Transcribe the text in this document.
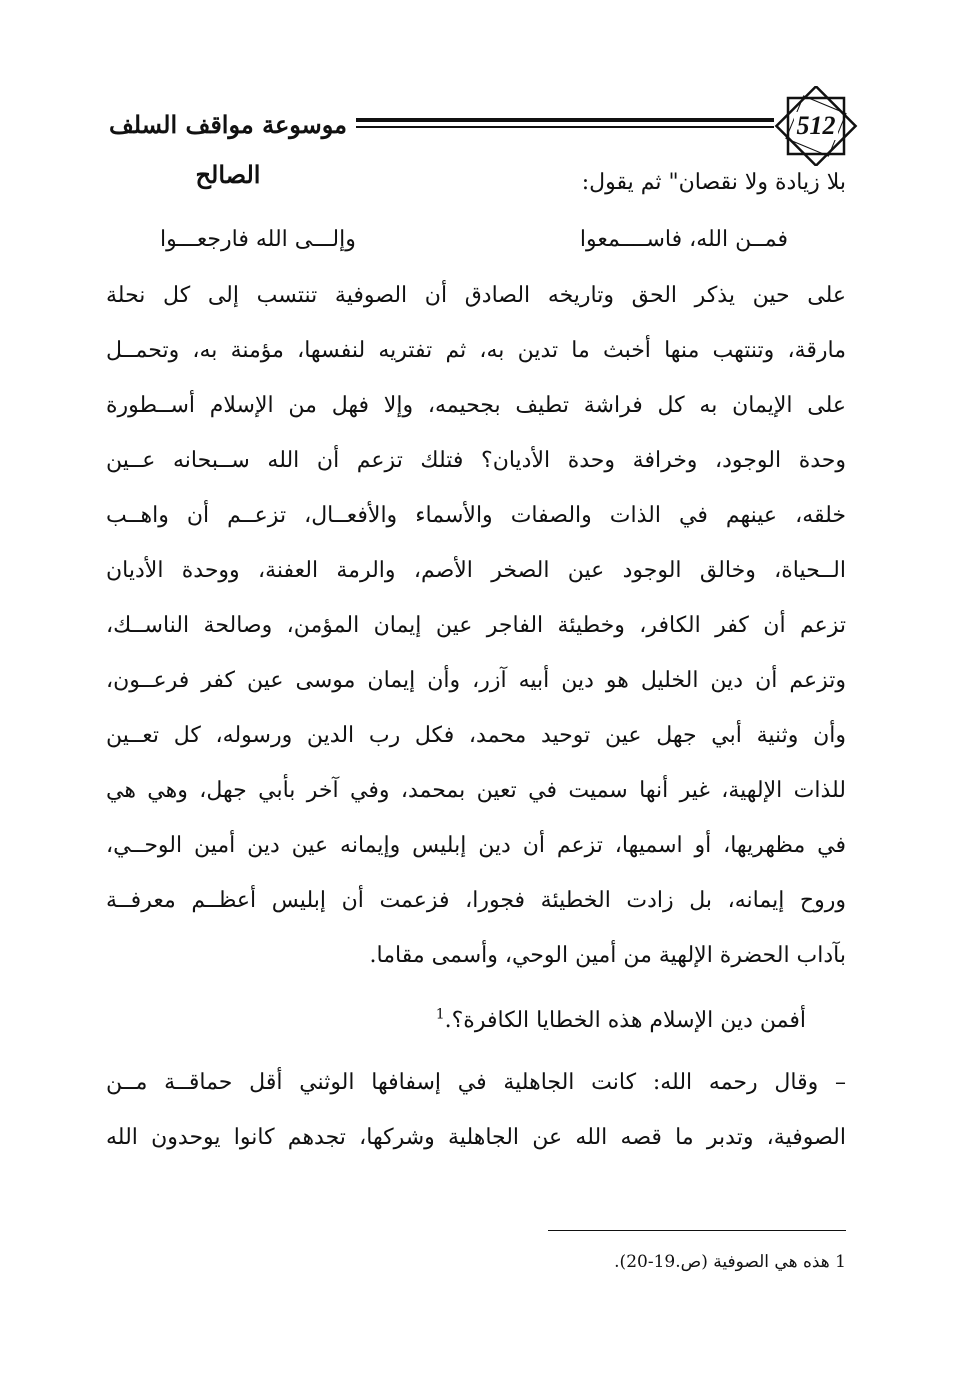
512
موسوعة مواقف السلف الصالح	بلا زيادة ولا نقصان" ثم يقول:
فمــن الله، فاســــمعوا
وإلـــى الله فارجعـــوا
على حين يذكر الحق وتاريخه الصادق أن الصوفية تنتسب إلى كل نحلة
مارقة، وتنتهب منها أخبث ما تدين به، ثم تفتريه لنفسها، مؤمنة به، وتحمــل
على الإيمان به كل فراشة تطيف بجحيمه، وإلا فهل من الإسلام أســطورة
وحدة الوجود، وخرافة وحدة الأديان؟ فتلك تزعم أن الله ســبحانه عــين
خلقه، عينهم في الذات والصفات والأسماء والأفعــال، تزعــم أن واهــب
الــحياة، وخالق الوجود عين الصخر الأصم، والرمة العفنة، ووحدة الأديان
تزعم أن كفر الكافر، وخطيئة الفاجر عين إيمان المؤمن، وصالحة الناســك،
وتزعم أن دين الخليل هو دين أبيه آزر، وأن إيمان موسى عين كفر فرعــون،
وأن وثنية أبي جهل عين توحيد محمد، فكل رب الدين ورسوله، كل تعــين
للذات الإلهية، غير أنها سميت في تعين بمحمد، وفي آخر بأبي جهل، وهي هي
في مظهريها، أو اسميها، تزعم أن دين إبليس وإيمانه عين دين أمين الوحــي،
وروح إيمانه، بل زادت الخطيئة فجورا، فزعمت أن إبليس أعظــم معرفــة
بآداب الحضرة الإلهية من أمين الوحي، وأسمى مقاما.
أفمن دين الإسلام هذه الخطايا الكافرة؟.$^1$
– وقال رحمه الله: كانت الجاهلية في إسفافها الوثني أقل حماقــة مــن
الصوفية، وتدبر ما قصه الله عن الجاهلية وشركها، تجدهم كانوا يوحدون الله
1 هذه هي الصوفية (ص.19-20).
